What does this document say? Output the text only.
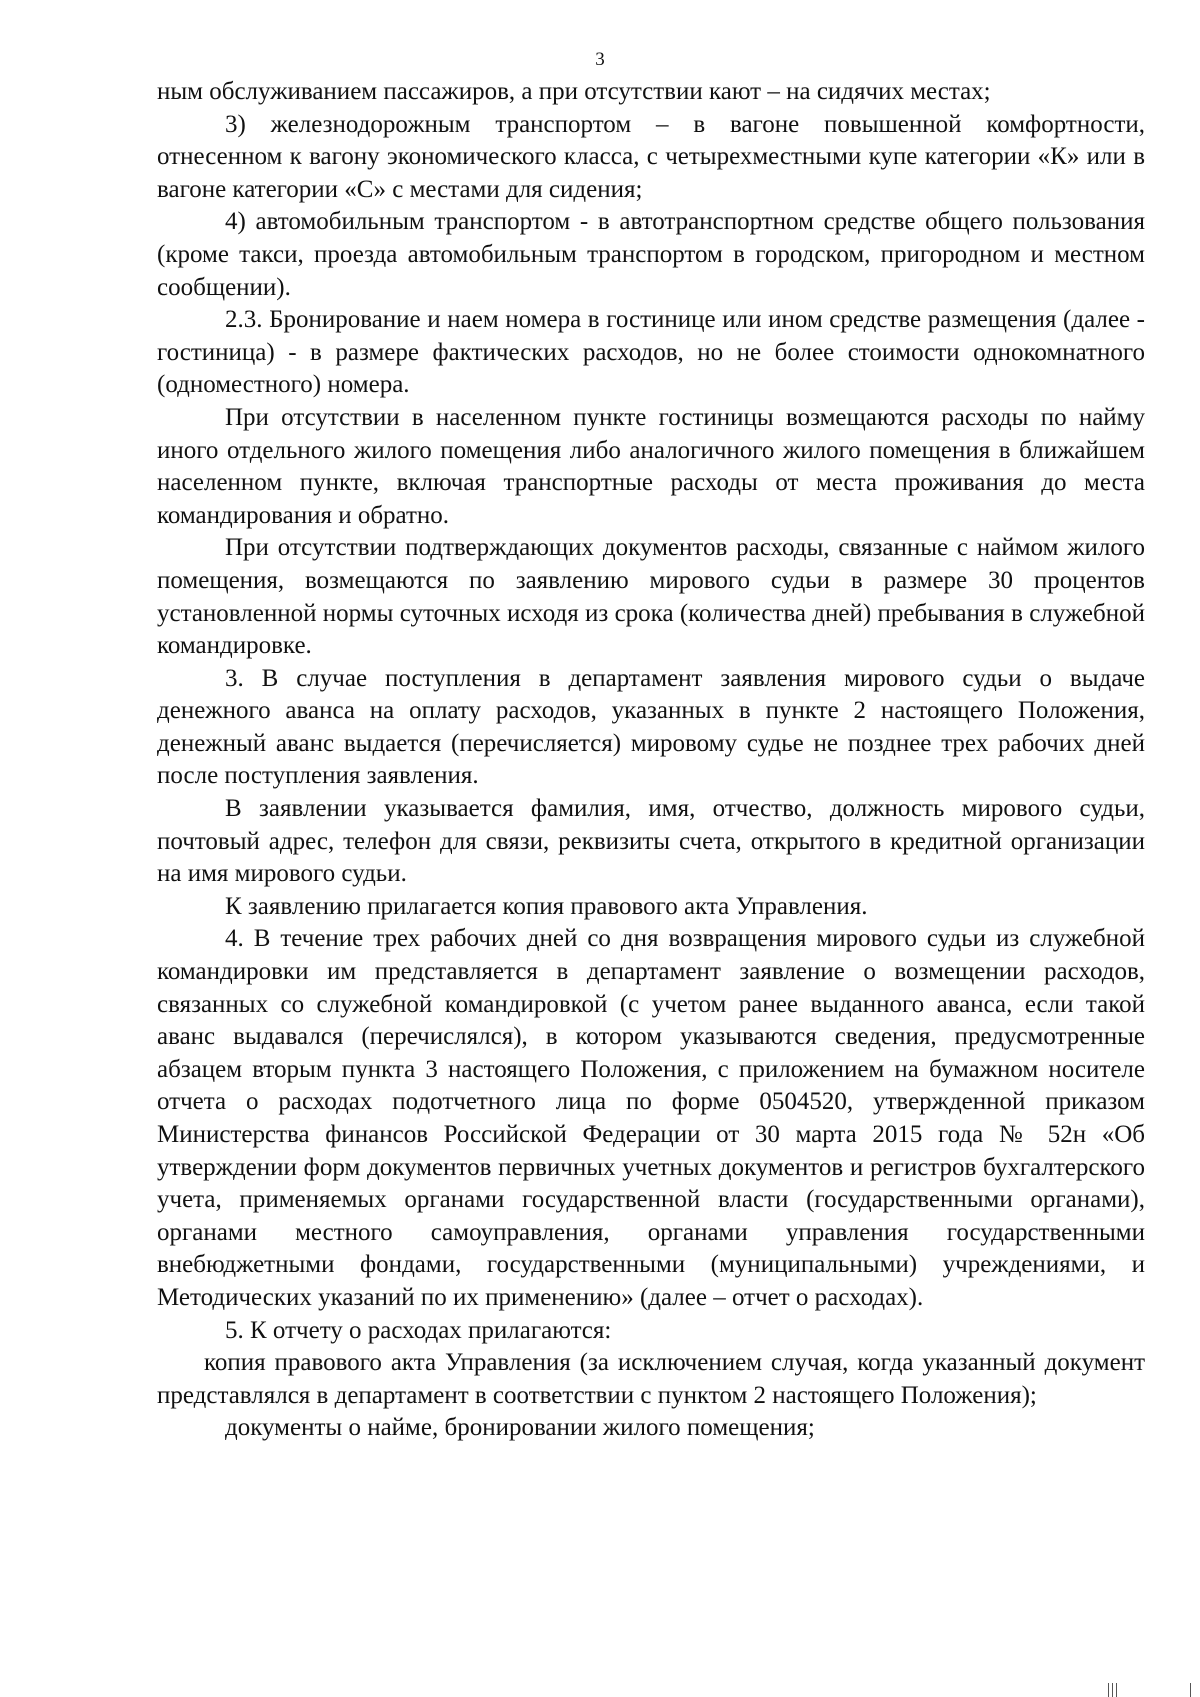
3

ным обслуживанием пассажиров, а при отсутствии кают – на сидячих местах;

3) железнодорожным транспортом – в вагоне повышенной комфортности, отнесенном к вагону экономического класса, с четырехместными купе категории «К» или в вагоне категории «С» с местами для сидения;

4) автомобильным транспортом - в автотранспортном средстве общего пользования (кроме такси, проезда автомобильным транспортом в городском, пригородном и местном сообщении).

2.3. Бронирование и наем номера в гостинице или ином средстве размещения (далее - гостиница) - в размере фактических расходов, но не более стоимости однокомнатного (одноместного) номера.

При отсутствии в населенном пункте гостиницы возмещаются расходы по найму иного отдельного жилого помещения либо аналогичного жилого помещения в ближайшем населенном пункте, включая транспортные расходы от места проживания до места командирования и обратно.

При отсутствии подтверждающих документов расходы, связанные с наймом жилого помещения, возмещаются по заявлению мирового судьи в размере 30 процентов установленной нормы суточных исходя из срока (количества дней) пребывания в служебной командировке.

3. В случае поступления в департамент заявления мирового судьи о выдаче денежного аванса на оплату расходов, указанных в пункте 2 настоящего Положения, денежный аванс выдается (перечисляется) мировому судье не позднее трех рабочих дней после поступления заявления.

В заявлении указывается фамилия, имя, отчество, должность мирового судьи, почтовый адрес, телефон для связи, реквизиты счета, открытого в кредитной организации на имя мирового судьи.

К заявлению прилагается копия правового акта Управления.

4. В течение трех рабочих дней со дня возвращения мирового судьи из служебной командировки им представляется в департамент заявление о возмещении расходов, связанных со служебной командировкой (с учетом ранее выданного аванса, если такой аванс выдавался (перечислялся), в котором указываются сведения, предусмотренные абзацем вторым пункта 3 настоящего Положения, с приложением на бумажном носителе отчета о расходах подотчетного лица по форме 0504520, утвержденной приказом Министерства финансов Российской Федерации от 30 марта 2015 года № 52н «Об утверждении форм документов первичных учетных документов и регистров бухгалтерского учета, применяемых органами государственной власти (государственными органами), органами местного самоуправления, органами управления государственными внебюджетными фондами, государственными (муниципальными) учреждениями, и Методических указаний по их применению» (далее – отчет о расходах).

5. К отчету о расходах прилагаются:

копия правового акта Управления (за исключением случая, когда указанный документ представлялся в департамент в соответствии с пунктом 2 настоящего Положения);

документы о найме, бронировании жилого помещения;
